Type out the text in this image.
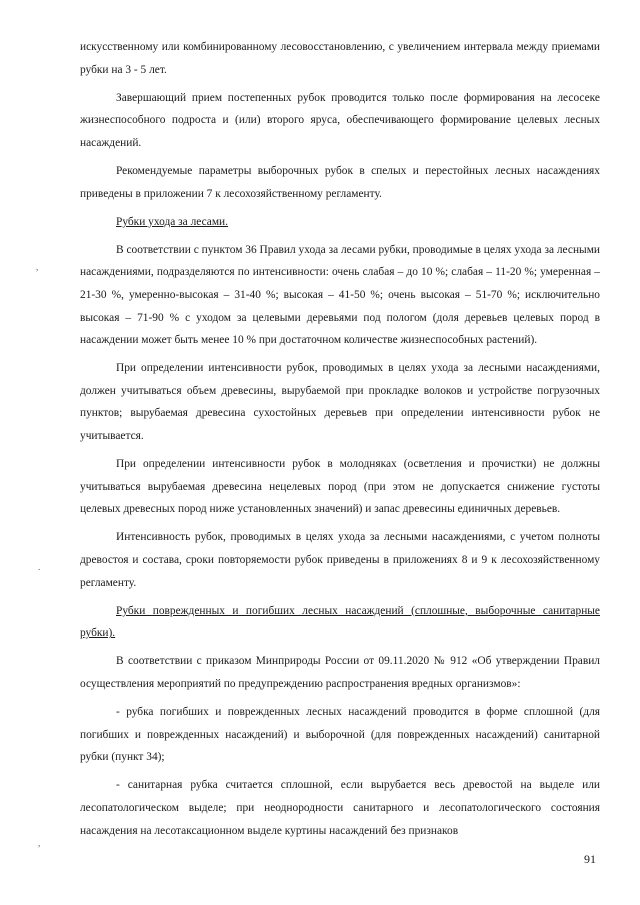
искусственному или комбинированному лесовосстановлению, с увеличением интервала между приемами рубки на 3 - 5 лет.

Завершающий прием постепенных рубок проводится только после формирования на лесосеке жизнеспособного подроста и (или) второго яруса, обеспечивающего формирование целевых лесных насаждений.

Рекомендуемые параметры выборочных рубок в спелых и перестойных лесных насаждениях приведены в приложении 7 к лесохозяйственному регламенту.

Рубки ухода за лесами.

В соответствии с пунктом 36 Правил ухода за лесами рубки, проводимые в целях ухода за лесными насаждениями, подразделяются по интенсивности: очень слабая – до 10 %; слабая – 11-20 %; умеренная – 21-30 %, умеренно-высокая – 31-40 %; высокая – 41-50 %; очень высокая – 51-70 %; исключительно высокая – 71-90 % с уходом за целевыми деревьями под пологом (доля деревьев целевых пород в насаждении может быть менее 10 % при достаточном количестве жизнеспособных растений).

При определении интенсивности рубок, проводимых в целях ухода за лесными насаждениями, должен учитываться объем древесины, вырубаемой при прокладке волоков и устройстве погрузочных пунктов; вырубаемая древесина сухостойных деревьев при определении интенсивности рубок не учитывается.

При определении интенсивности рубок в молодняках (осветления и прочистки) не должны учитываться вырубаемая древесина нецелевых пород (при этом не допускается снижение густоты целевых древесных пород ниже установленных значений) и запас древесины единичных деревьев.

Интенсивность рубок, проводимых в целях ухода за лесными насаждениями, с учетом полноты древостоя и состава, сроки повторяемости рубок приведены в приложениях 8 и 9 к лесохозяйственному регламенту.

Рубки поврежденных и погибших лесных насаждений (сплошные, выборочные санитарные рубки).

В соответствии с приказом Минприроды России от 09.11.2020 № 912 «Об утверждении Правил осуществления мероприятий по предупреждению распространения вредных организмов»:

- рубка погибших и поврежденных лесных насаждений проводится в форме сплошной (для погибших и поврежденных насаждений) и выборочной (для поврежденных насаждений) санитарной рубки (пункт 34);

- санитарная рубка считается сплошной, если вырубается весь древостой на выделе или лесопатологическом выделе; при неоднородности санитарного и лесопатологического состояния насаждения на лесотаксационном выделе куртины насаждений без признаков

91
,
.
,
